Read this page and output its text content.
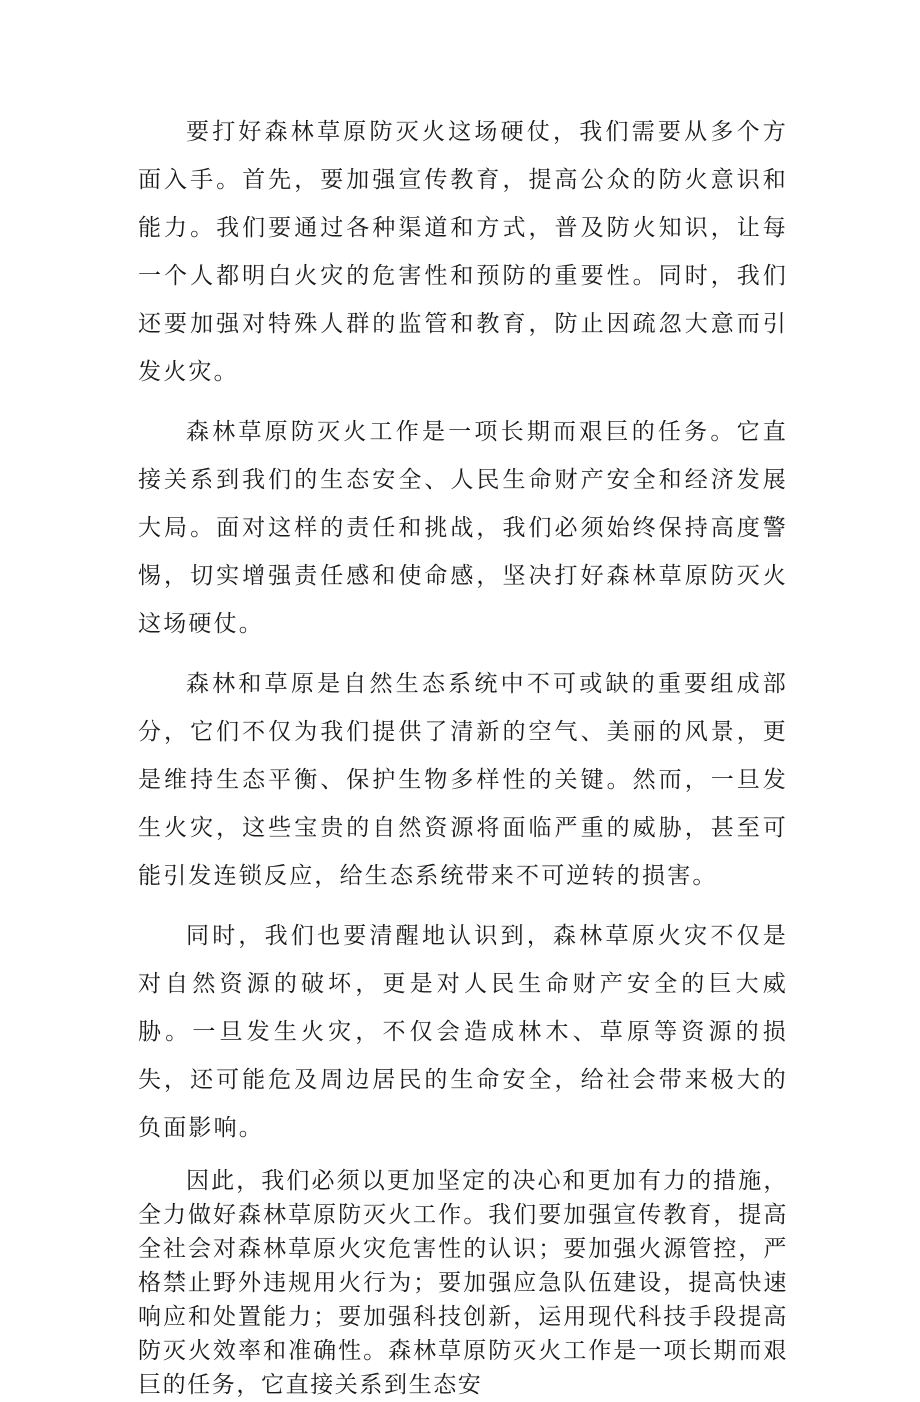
要打好森林草原防灭火这场硬仗，我们需要从多个方面入手。首先，要加强宣传教育，提高公众的防火意识和能力。我们要通过各种渠道和方式，普及防火知识，让每一个人都明白火灾的危害性和预防的重要性。同时，我们还要加强对特殊人群的监管和教育，防止因疏忽大意而引发火灾。

森林草原防灭火工作是一项长期而艰巨的任务。它直接关系到我们的生态安全、人民生命财产安全和经济发展大局。面对这样的责任和挑战，我们必须始终保持高度警惕，切实增强责任感和使命感，坚决打好森林草原防灭火这场硬仗。

森林和草原是自然生态系统中不可或缺的重要组成部分，它们不仅为我们提供了清新的空气、美丽的风景，更是维持生态平衡、保护生物多样性的关键。然而，一旦发生火灾，这些宝贵的自然资源将面临严重的威胁，甚至可能引发连锁反应，给生态系统带来不可逆转的损害。

同时，我们也要清醒地认识到，森林草原火灾不仅是对自然资源的破坏，更是对人民生命财产安全的巨大威胁。一旦发生火灾，不仅会造成林木、草原等资源的损失，还可能危及周边居民的生命安全，给社会带来极大的负面影响。

因此，我们必须以更加坚定的决心和更加有力的措施，全力做好森林草原防灭火工作。我们要加强宣传教育，提高全社会对森林草原火灾危害性的认识；要加强火源管控，严格禁止野外违规用火行为；要加强应急队伍建设，提高快速响应和处置能力；要加强科技创新，运用现代科技手段提高防灭火效率和准确性。森林草原防灭火工作是一项长期而艰巨的任务，它直接关系到生态安
